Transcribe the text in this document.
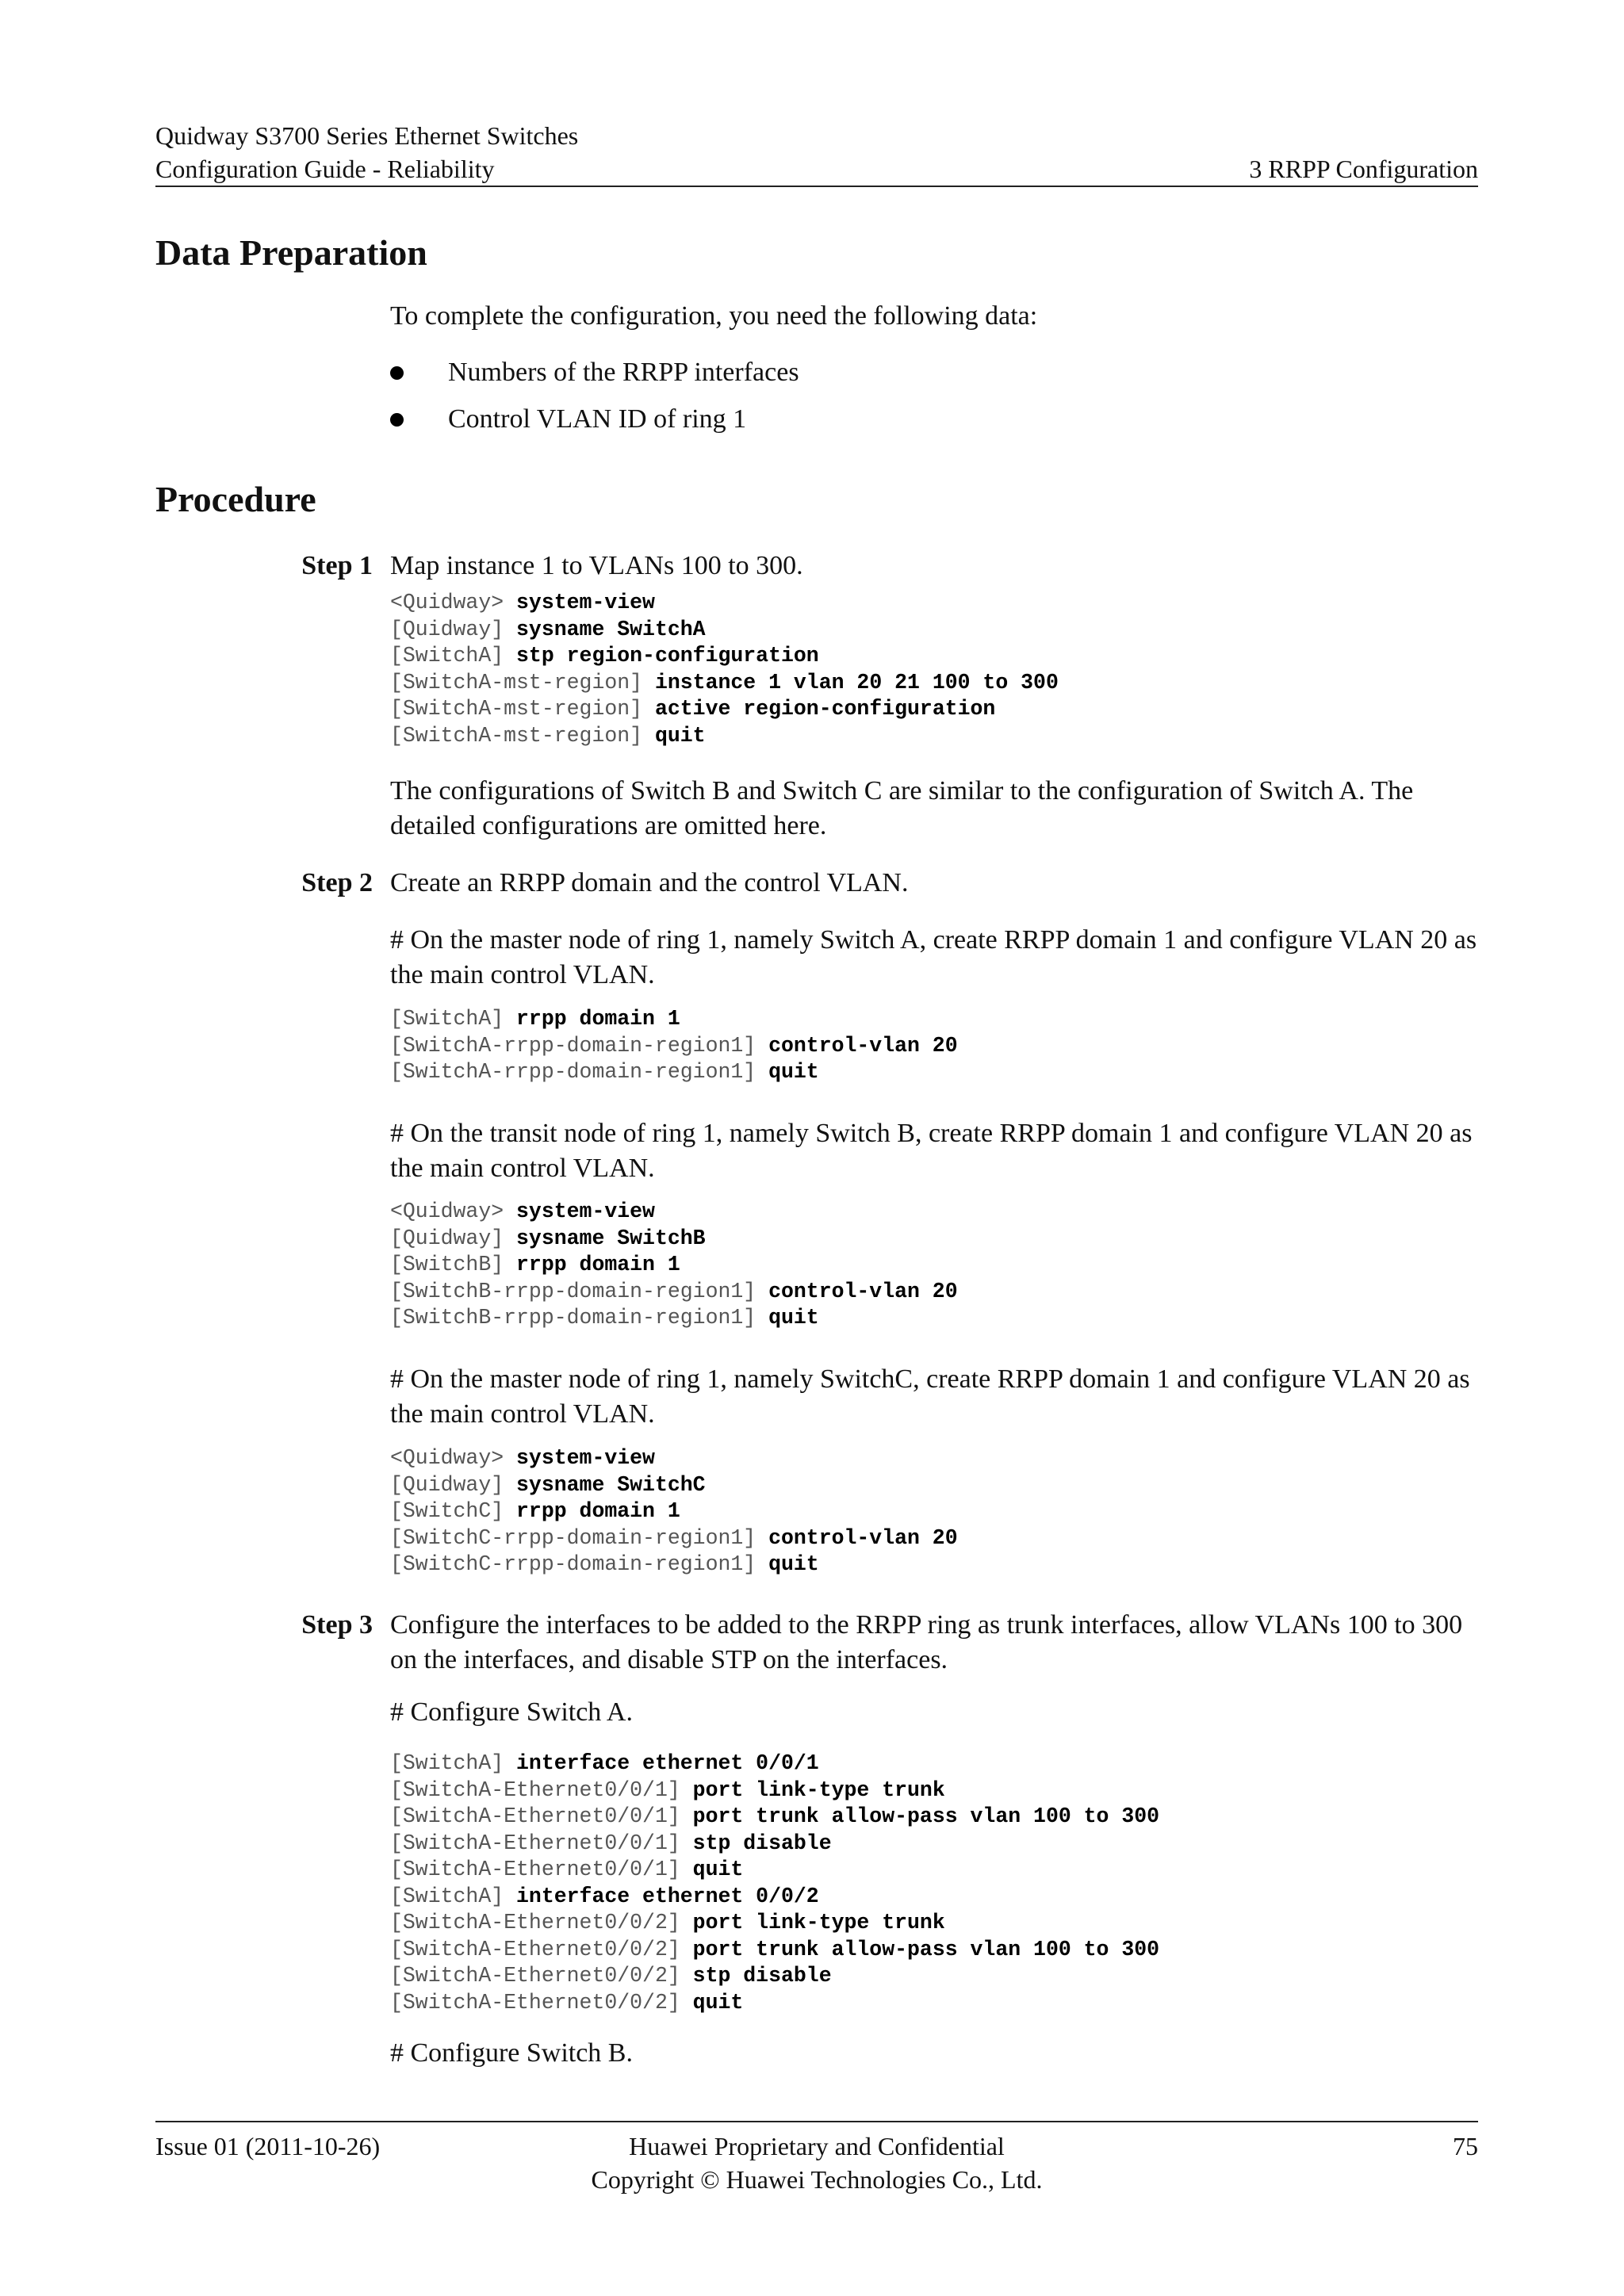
Quidway S3700 Series Ethernet Switches
Configuration Guide - Reliability	3 RRPP Configuration
Data Preparation

To complete the configuration, you need the following data:

Numbers of the RRPP interfaces
Control VLAN ID of ring 1
Procedure
Step 1 Map instance 1 to VLANs 100 to 300.

<Quidway> system-view
[Quidway] sysname SwitchA
[SwitchA] stp region-configuration
[SwitchA-mst-region] instance 1 vlan 20 21 100 to 300
[SwitchA-mst-region] active region-configuration
[SwitchA-mst-region] quit

The configurations of Switch B and Switch C are similar to the configuration of Switch A. The detailed configurations are omitted here.

Step 2 Create an RRPP domain and the control VLAN.

# On the master node of ring 1, namely Switch A, create RRPP domain 1 and configure VLAN 20 as the main control VLAN.

[SwitchA] rrpp domain 1
[SwitchA-rrpp-domain-region1] control-vlan 20
[SwitchA-rrpp-domain-region1] quit

# On the transit node of ring 1, namely Switch B, create RRPP domain 1 and configure VLAN 20 as the main control VLAN.

<Quidway> system-view
[Quidway] sysname SwitchB
[SwitchB] rrpp domain 1
[SwitchB-rrpp-domain-region1] control-vlan 20
[SwitchB-rrpp-domain-region1] quit

# On the master node of ring 1, namely SwitchC, create RRPP domain 1 and configure VLAN 20 as the main control VLAN.

<Quidway> system-view
[Quidway] sysname SwitchC
[SwitchC] rrpp domain 1
[SwitchC-rrpp-domain-region1] control-vlan 20
[SwitchC-rrpp-domain-region1] quit
Step 3 Configure the interfaces to be added to the RRPP ring as trunk interfaces, allow VLANs 100 to 300 on the interfaces, and disable STP on the interfaces.

# Configure Switch A.

[SwitchA] interface ethernet 0/0/1
[SwitchA-Ethernet0/0/1] port link-type trunk
[SwitchA-Ethernet0/0/1] port trunk allow-pass vlan 100 to 300
[SwitchA-Ethernet0/0/1] stp disable
[SwitchA-Ethernet0/0/1] quit
[SwitchA] interface ethernet 0/0/2
[SwitchA-Ethernet0/0/2] port link-type trunk
[SwitchA-Ethernet0/0/2] port trunk allow-pass vlan 100 to 300
[SwitchA-Ethernet0/0/2] stp disable
[SwitchA-Ethernet0/0/2] quit

# Configure Switch B.

Issue 01 (2011-10-26)	Huawei Proprietary and Confidential
Copyright © Huawei Technologies Co., Ltd.
75
